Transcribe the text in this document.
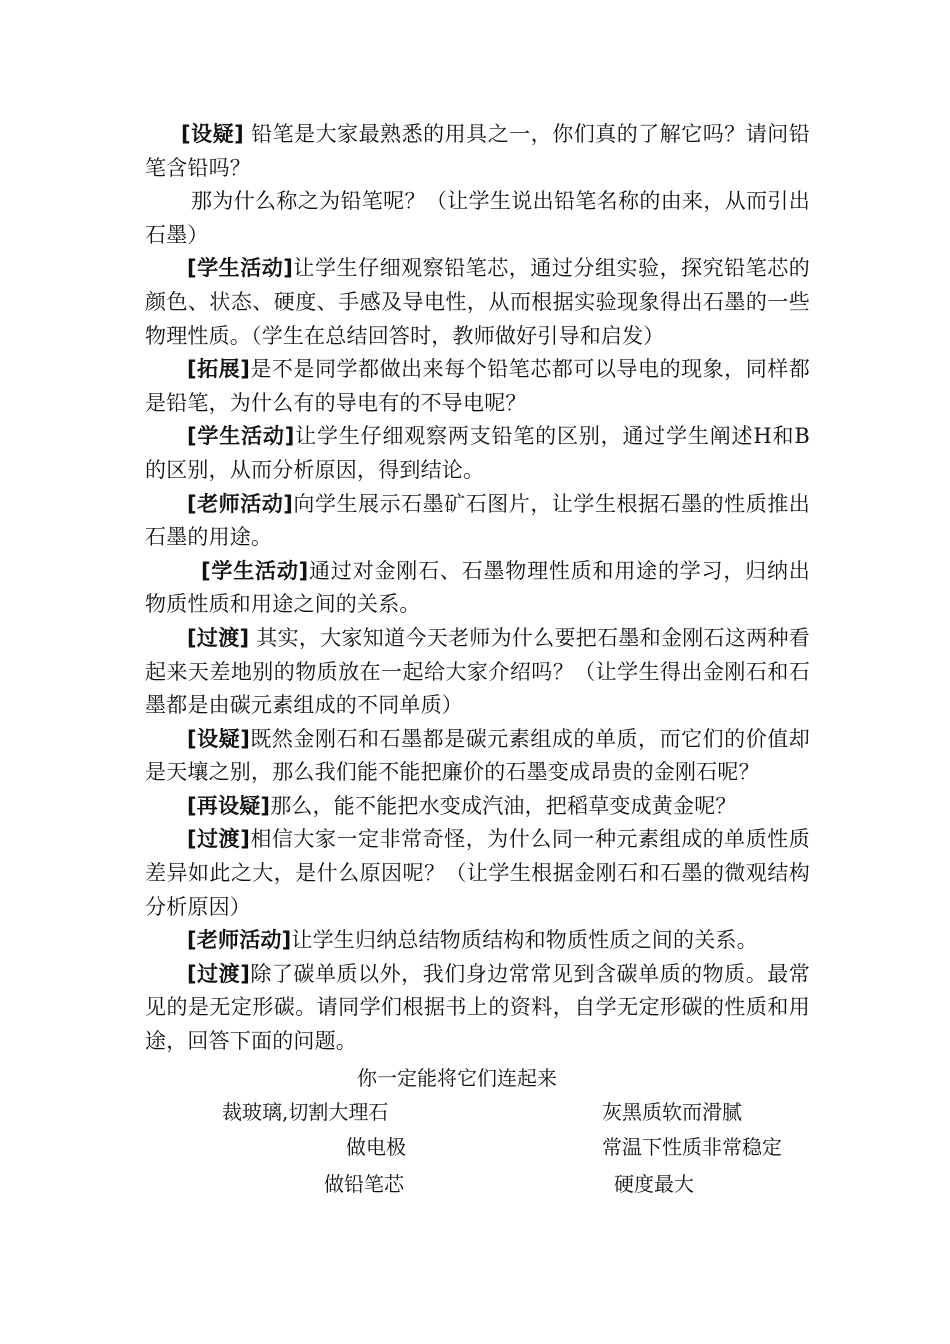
[设疑] 铅笔是大家最熟悉的用具之一，你们真的了解它吗？请问铅笔含铅吗？

那为什么称之为铅笔呢？（让学生说出铅笔名称的由来，从而引出石墨）

[学生活动]让学生仔细观察铅笔芯，通过分组实验，探究铅笔芯的颜色、状态、硬度、手感及导电性，从而根据实验现象得出石墨的一些物理性质。（学生在总结回答时，教师做好引导和启发）

[拓展]是不是同学都做出来每个铅笔芯都可以导电的现象，同样都是铅笔，为什么有的导电有的不导电呢？

[学生活动]让学生仔细观察两支铅笔的区别，通过学生阐述H和B的区别，从而分析原因，得到结论。

[老师活动]向学生展示石墨矿石图片，让学生根据石墨的性质推出石墨的用途。

[学生活动]通过对金刚石、石墨物理性质和用途的学习，归纳出物质性质和用途之间的关系。

[过渡] 其实，大家知道今天老师为什么要把石墨和金刚石这两种看起来天差地别的物质放在一起给大家介绍吗？（让学生得出金刚石和石墨都是由碳元素组成的不同单质）

[设疑]既然金刚石和石墨都是碳元素组成的单质，而它们的价值却是天壤之别，那么我们能不能把廉价的石墨变成昂贵的金刚石呢？

[再设疑]那么，能不能把水变成汽油，把稻草变成黄金呢？

[过渡]相信大家一定非常奇怪，为什么同一种元素组成的单质性质差异如此之大，是什么原因呢？（让学生根据金刚石和石墨的微观结构分析原因）

[老师活动]让学生归纳总结物质结构和物质性质之间的关系。

[过渡]除了碳单质以外，我们身边常常见到含碳单质的物质。最常见的是无定形碳。请同学们根据书上的资料，自学无定形碳的性质和用途，回答下面的问题。

你一定能将它们连起来
裁玻璃,切割大理石
做电极
做铅笔芯
灰黑质软而滑腻
常温下性质非常稳定
硬度最大
